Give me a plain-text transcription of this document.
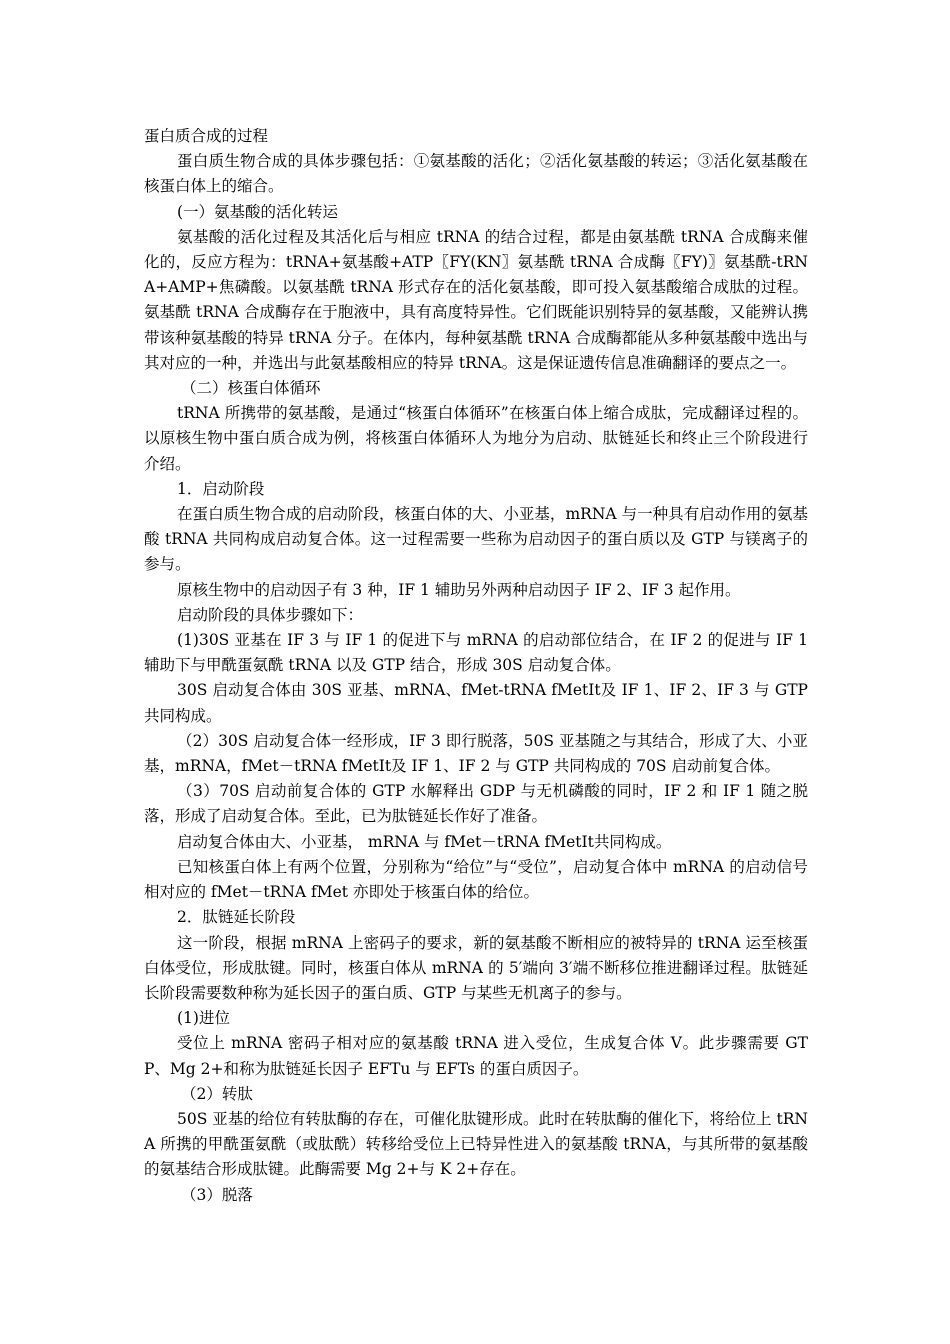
蛋白质合成的过程

蛋白质生物合成的具体步骤包括：①氨基酸的活化；②活化氨基酸的转运；③活化氨基酸在核蛋白体上的缩合。

(一）氨基酸的活化转运

氨基酸的活化过程及其活化后与相应 tRNA 的结合过程，都是由氨基酰 tRNA 合成酶来催化的，反应方程为：tRNA+氨基酸+ATP〖FY(KN〗氨基酰 tRNA 合成酶〖FY)〗氨基酰-tRNA+AMP+焦磷酸。以氨基酰 tRNA 形式存在的活化氨基酸，即可投入氨基酸缩合成肽的过程。氨基酰 tRNA 合成酶存在于胞液中，具有高度特异性。它们既能识别特异的氨基酸，又能辨认携带该种氨基酸的特异 tRNA 分子。在体内，每种氨基酰 tRNA 合成酶都能从多种氨基酸中选出与其对应的一种，并选出与此氨基酸相应的特异 tRNA。这是保证遗传信息准确翻译的要点之一。

（二）核蛋白体循环

tRNA 所携带的氨基酸，是通过“核蛋白体循环”在核蛋白体上缩合成肽，完成翻译过程的。以原核生物中蛋白质合成为例，将核蛋白体循环人为地分为启动、肽链延长和终止三个阶段进行介绍。

1．启动阶段

在蛋白质生物合成的启动阶段，核蛋白体的大、小亚基，mRNA 与一种具有启动作用的氨基酸 tRNA 共同构成启动复合体。这一过程需要一些称为启动因子的蛋白质以及 GTP 与镁离子的参与。

原核生物中的启动因子有 3 种，IF 1 辅助另外两种启动因子 IF 2、IF 3 起作用。

启动阶段的具体步骤如下：

(1)30S 亚基在 IF 3 与 IF 1 的促进下与 mRNA 的启动部位结合，在 IF 2 的促进与 IF 1 辅助下与甲酰蛋氨酰 tRNA 以及 GTP 结合，形成 30S 启动复合体。

30S 启动复合体由 30S 亚基、mRNA、fMet-tRNA fMetIt及 IF 1、IF 2、IF 3 与 GTP 共同构成。

（2）30S 启动复合体一经形成，IF 3 即行脱落，50S 亚基随之与其结合，形成了大、小亚基，mRNA，fMet－tRNA fMetIt及 IF 1、IF 2 与 GTP 共同构成的 70S 启动前复合体。

（3）70S 启动前复合体的 GTP 水解释出 GDP 与无机磷酸的同时，IF 2 和 IF 1 随之脱落，形成了启动复合体。至此，已为肽链延长作好了准备。

启动复合体由大、小亚基， mRNA 与 fMet－tRNA fMetIt共同构成。

已知核蛋白体上有两个位置，分别称为“给位”与“受位”，启动复合体中 mRNA 的启动信号相对应的 fMet－tRNA fMet 亦即处于核蛋白体的给位。

2．肽链延长阶段

这一阶段，根据 mRNA 上密码子的要求，新的氨基酸不断相应的被特异的 tRNA 运至核蛋白体受位，形成肽键。同时，核蛋白体从 mRNA 的 5′端向 3′端不断移位推进翻译过程。肽链延长阶段需要数种称为延长因子的蛋白质、GTP 与某些无机离子的参与。

(1)进位

受位上 mRNA 密码子相对应的氨基酸 tRNA 进入受位，生成复合体 V。此步骤需要 GTP、Mg 2+和称为肽链延长因子 EFTu 与 EFTs 的蛋白质因子。

（2）转肽

50S 亚基的给位有转肽酶的存在，可催化肽键形成。此时在转肽酶的催化下，将给位上 tRNA 所携的甲酰蛋氨酰（或肽酰）转移给受位上已特异性进入的氨基酸 tRNA，与其所带的氨基酸的氨基结合形成肽键。此酶需要 Mg 2+与 K 2+存在。

（3）脱落
